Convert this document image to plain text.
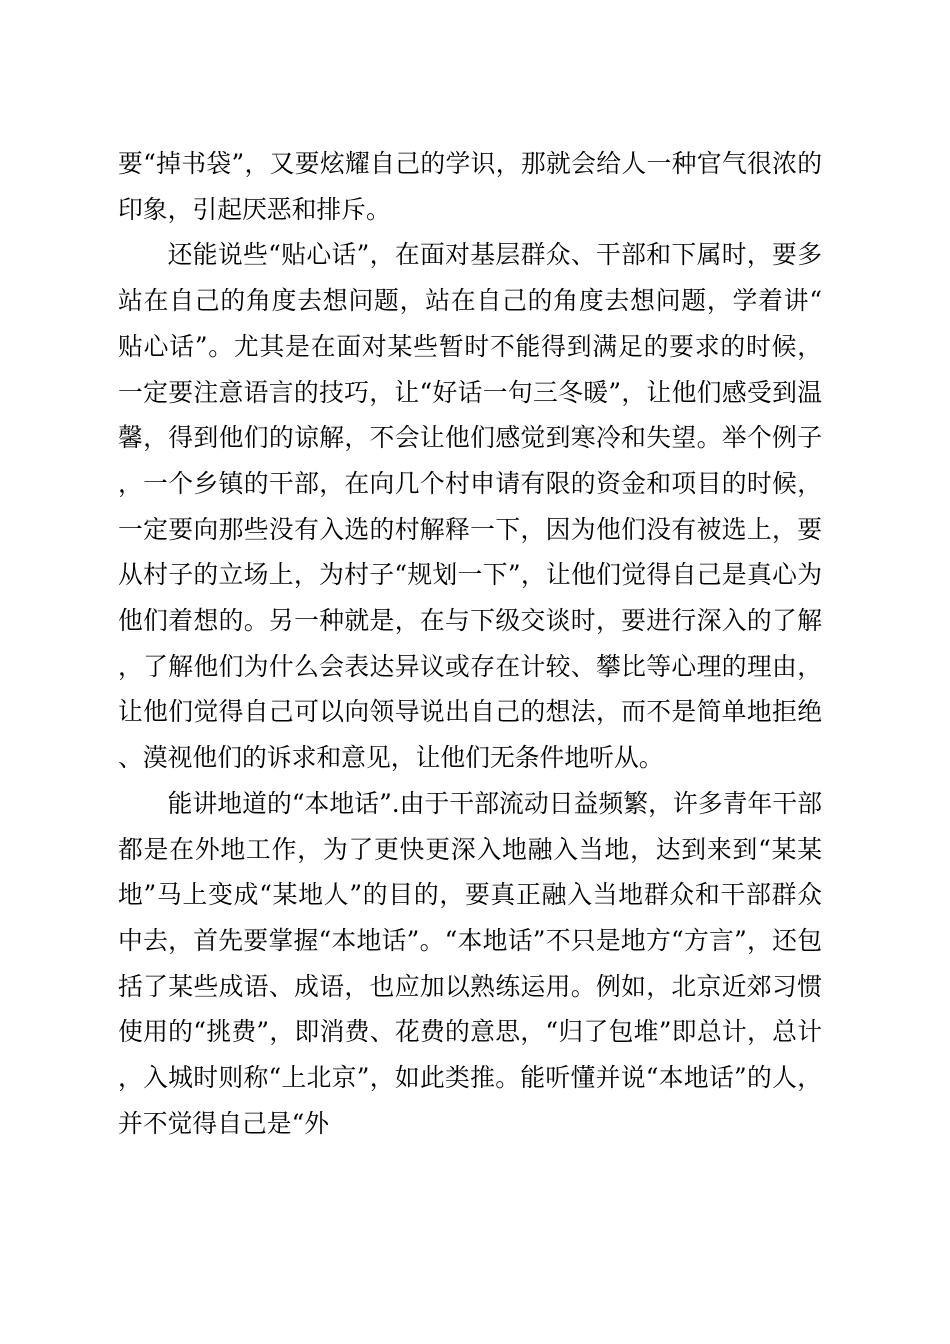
要“掉书袋”，又要炫耀自己的学识，那就会给人一种官气很浓的印象，引起厌恶和排斥。

还能说些“贴心话”，在面对基层群众、干部和下属时，要多站在自己的角度去想问题，站在自己的角度去想问题，学着讲“贴心话”。尤其是在面对某些暂时不能得到满足的要求的时候，一定要注意语言的技巧，让“好话一句三冬暖”，让他们感受到温馨，得到他们的谅解，不会让他们感觉到寒冷和失望。举个例子，一个乡镇的干部，在向几个村申请有限的资金和项目的时候，一定要向那些没有入选的村解释一下，因为他们没有被选上，要从村子的立场上，为村子“规划一下”，让他们觉得自己是真心为他们着想的。另一种就是，在与下级交谈时，要进行深入的了解，了解他们为什么会表达异议或存在计较、攀比等心理的理由，让他们觉得自己可以向领导说出自己的想法，而不是简单地拒绝、漠视他们的诉求和意见，让他们无条件地听从。

能讲地道的“本地话”.由于干部流动日益频繁，许多青年干部都是在外地工作，为了更快更深入地融入当地，达到来到“某某地”马上变成“某地人”的目的，要真正融入当地群众和干部群众中去，首先要掌握“本地话”。“本地话”不只是地方“方言”，还包括了某些成语、成语，也应加以熟练运用。例如，北京近郊习惯使用的“挑费”，即消费、花费的意思，“归了包堆”即总计，总计，入城时则称“上北京”，如此类推。能听懂并说“本地话”的人，并不觉得自己是“外
